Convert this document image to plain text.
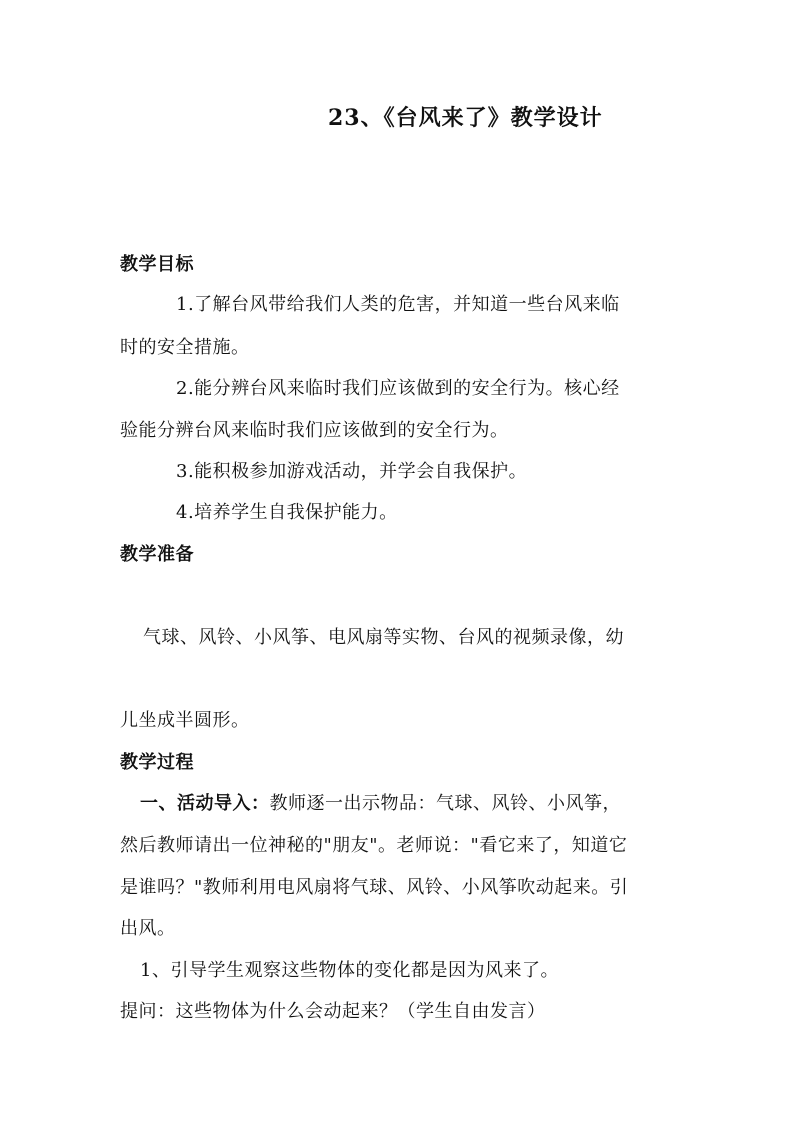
23、《台风来了》教学设计
教学目标
1.了解台风带给我们人类的危害，并知道一些台风来临
时的安全措施。
2.能分辨台风来临时我们应该做到的安全行为。核心经
验能分辨台风来临时我们应该做到的安全行为。
3.能积极参加游戏活动，并学会自我保护。
4.培养学生自我保护能力。
教学准备
气球、风铃、小风筝、电风扇等实物、台风的视频录像，幼
儿坐成半圆形。
教学过程
一、活动导入：教师逐一出示物品：气球、风铃、小风筝，
然后教师请出一位神秘的"朋友"。老师说："看它来了，知道它
是谁吗？"教师利用电风扇将气球、风铃、小风筝吹动起来。引
出风。
1、引导学生观察这些物体的变化都是因为风来了。
提问：这些物体为什么会动起来？（学生自由发言）
